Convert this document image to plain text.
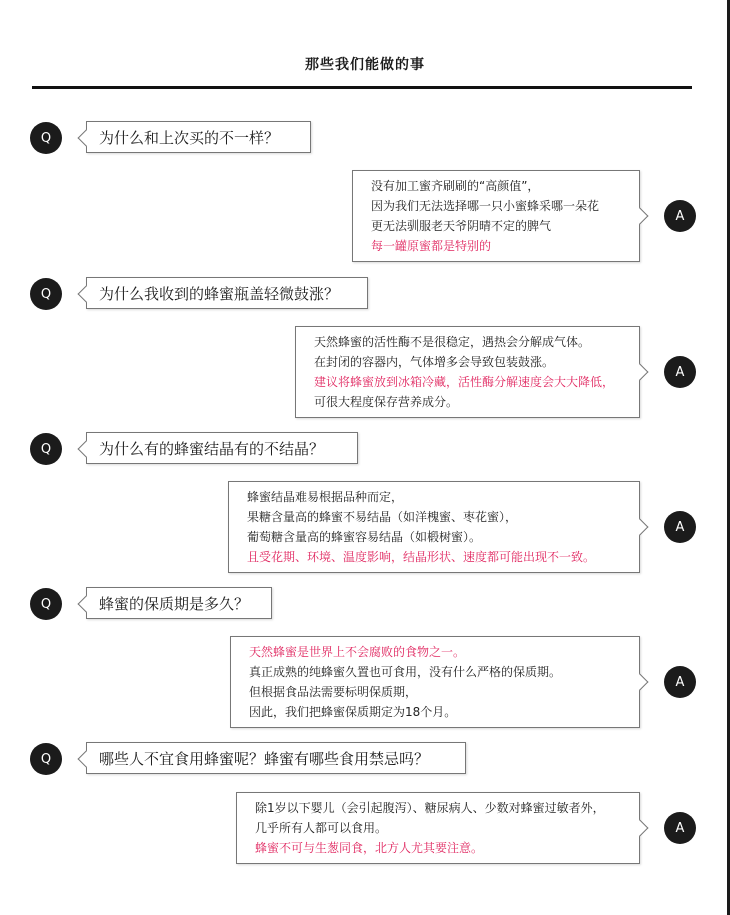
那些我们能做的事
Q	为什么和上次买的不一样？
没有加工蜜齐刷刷的“高颜值”，
因为我们无法选择哪一只小蜜蜂采哪一朵花
更无法驯服老天爷阴晴不定的脾气
每一罐原蜜都是特别的
A
Q	为什么我收到的蜂蜜瓶盖轻微鼓涨？
天然蜂蜜的活性酶不是很稳定，遇热会分解成气体。
在封闭的容器内，气体增多会导致包装鼓涨。
建议将蜂蜜放到冰箱冷藏，活性酶分解速度会大大降低，
可很大程度保存营养成分。
A
Q	为什么有的蜂蜜结晶有的不结晶？
蜂蜜结晶难易根据品种而定，
果糖含量高的蜂蜜不易结晶（如洋槐蜜、枣花蜜），
葡萄糖含量高的蜂蜜容易结晶（如椴树蜜）。
且受花期、环境、温度影响，结晶形状、速度都可能出现不一致。
A
Q	蜂蜜的保质期是多久？
天然蜂蜜是世界上不会腐败的食物之一。
真正成熟的纯蜂蜜久置也可食用，没有什么严格的保质期。
但根据食品法需要标明保质期，
因此，我们把蜂蜜保质期定为18个月。
A
Q	哪些人不宜食用蜂蜜呢？蜂蜜有哪些食用禁忌吗？
除1岁以下婴儿（会引起腹泻）、糖尿病人、少数对蜂蜜过敏者外，
几乎所有人都可以食用。
蜂蜜不可与生葱同食，北方人尤其要注意。
A
